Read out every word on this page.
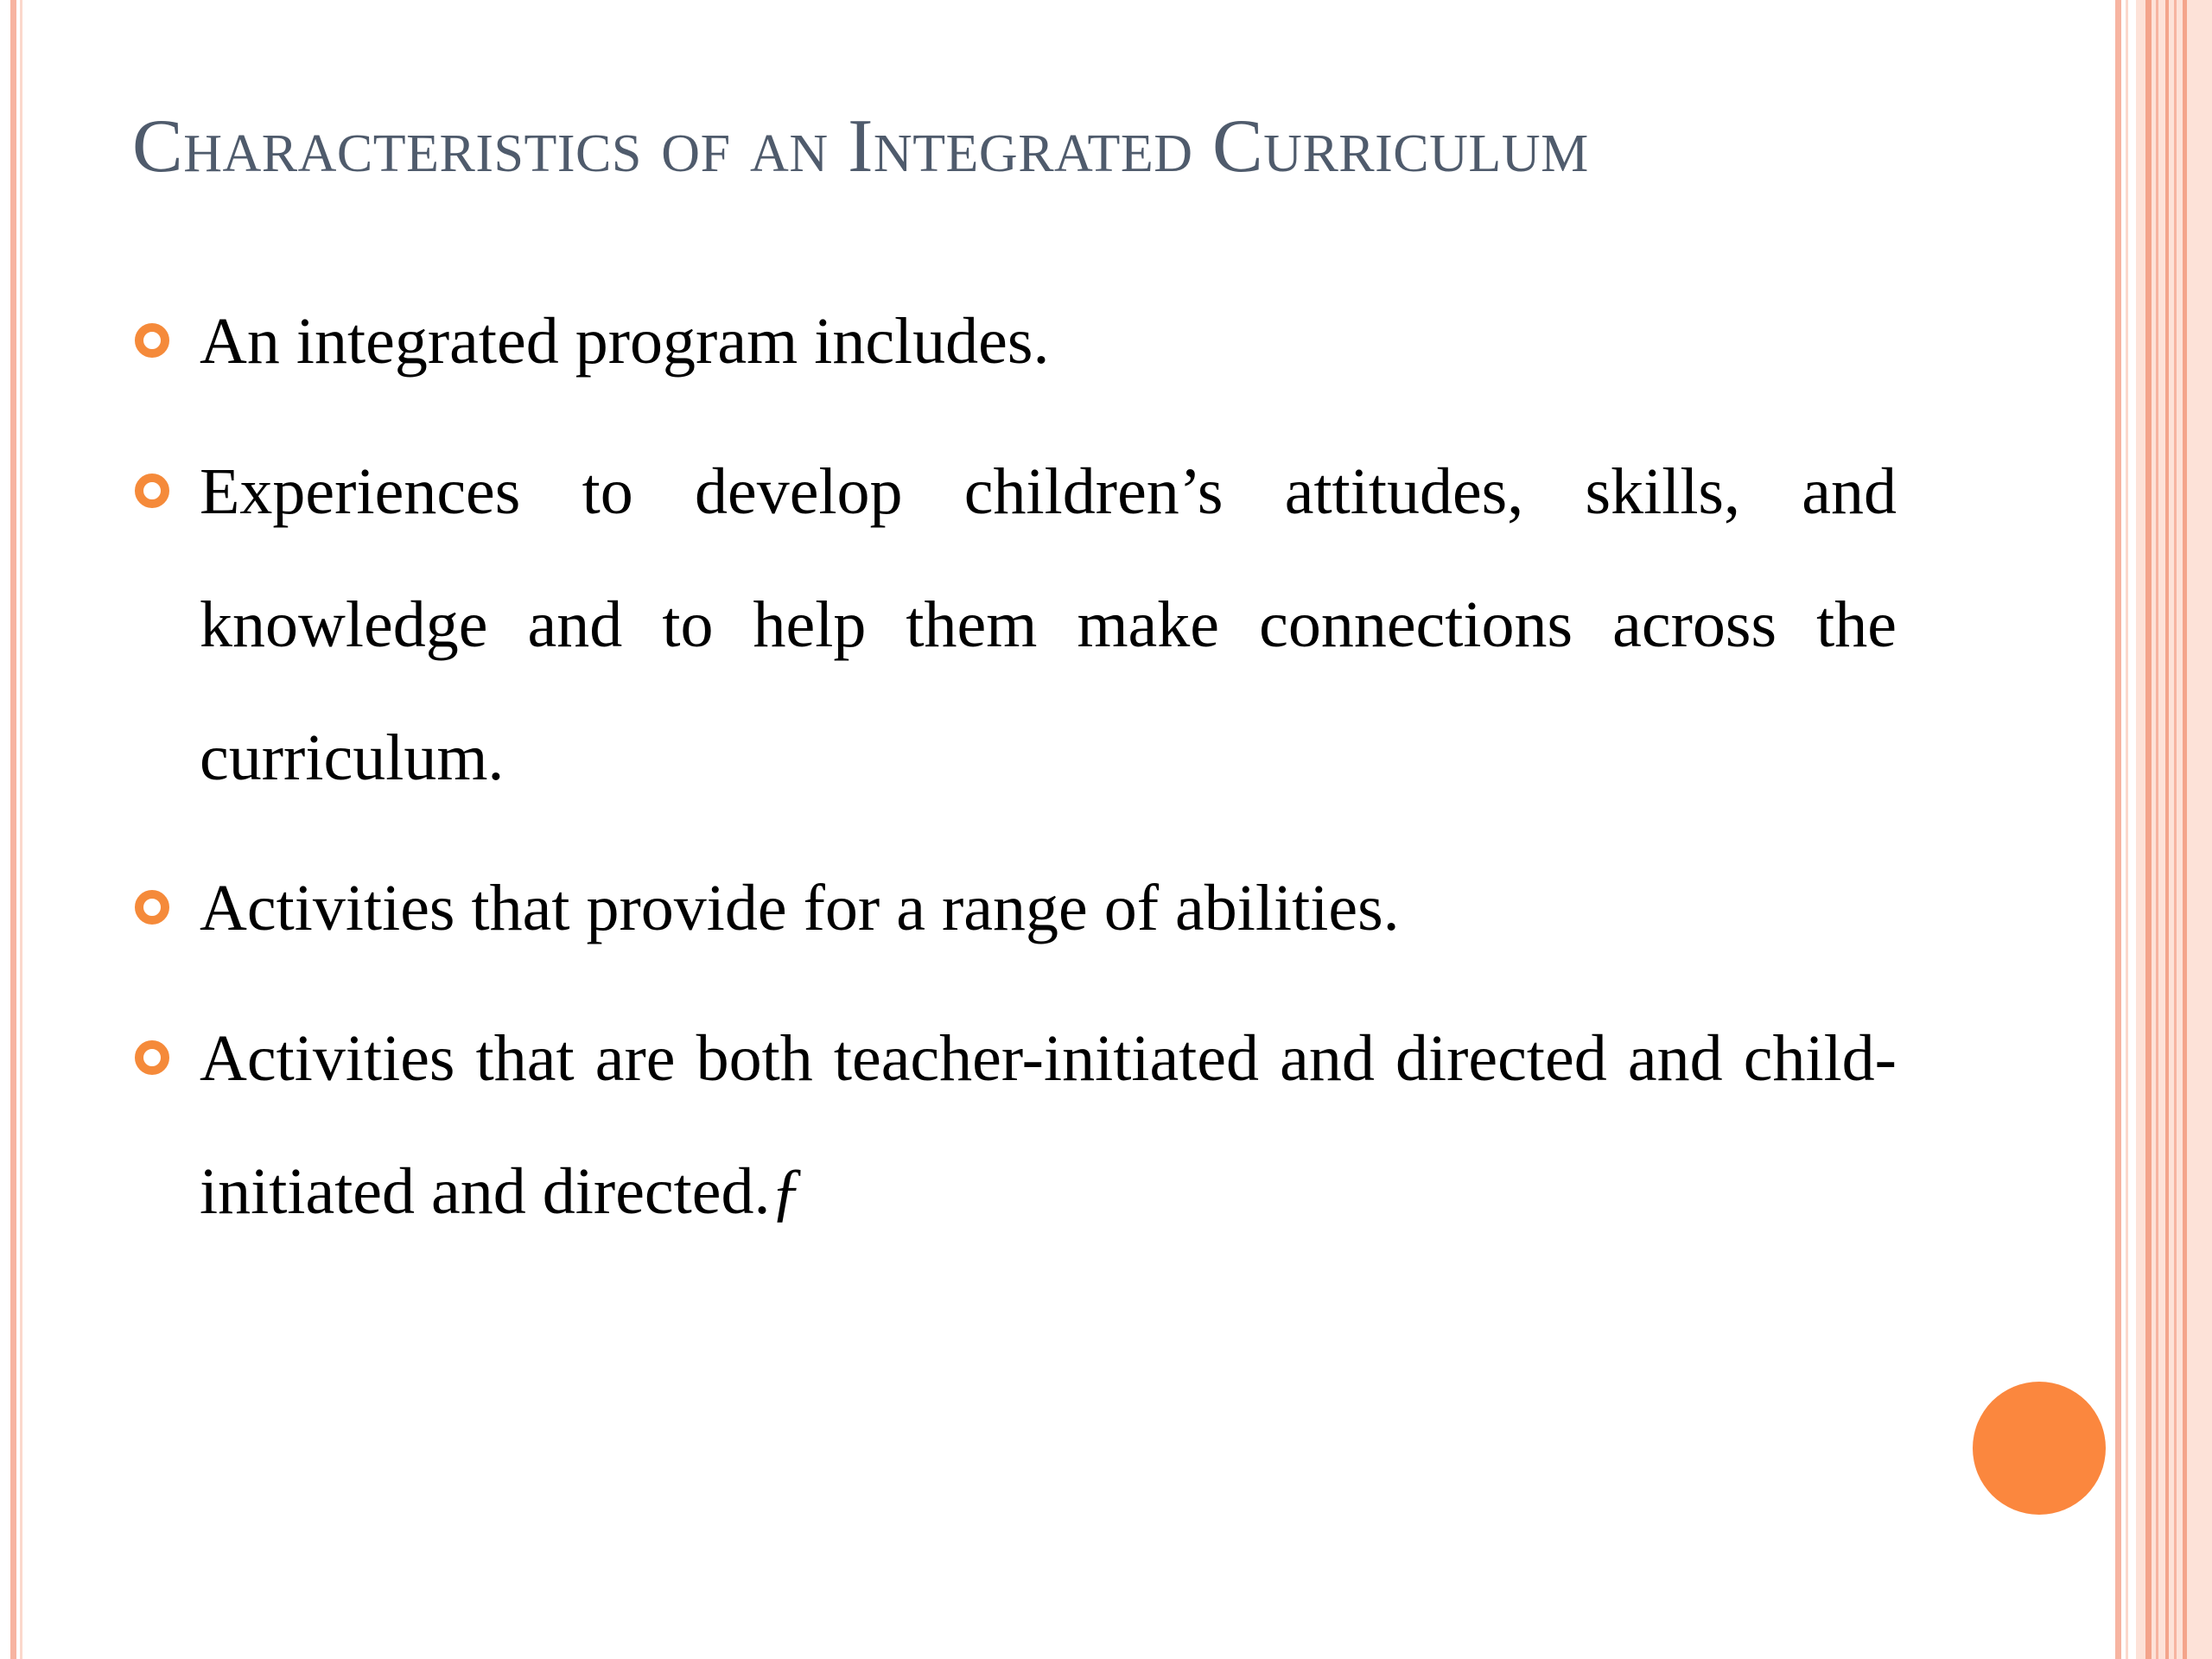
Characteristics of an Integrated Curriculum
An integrated program includes.
Experiences to develop children’s attitudes, skills, and knowledge and to help them make connections across the curriculum.
Activities that provide for a range of abilities.
Activities that are both teacher-initiated and directed and child-initiated and directed.ƒ
